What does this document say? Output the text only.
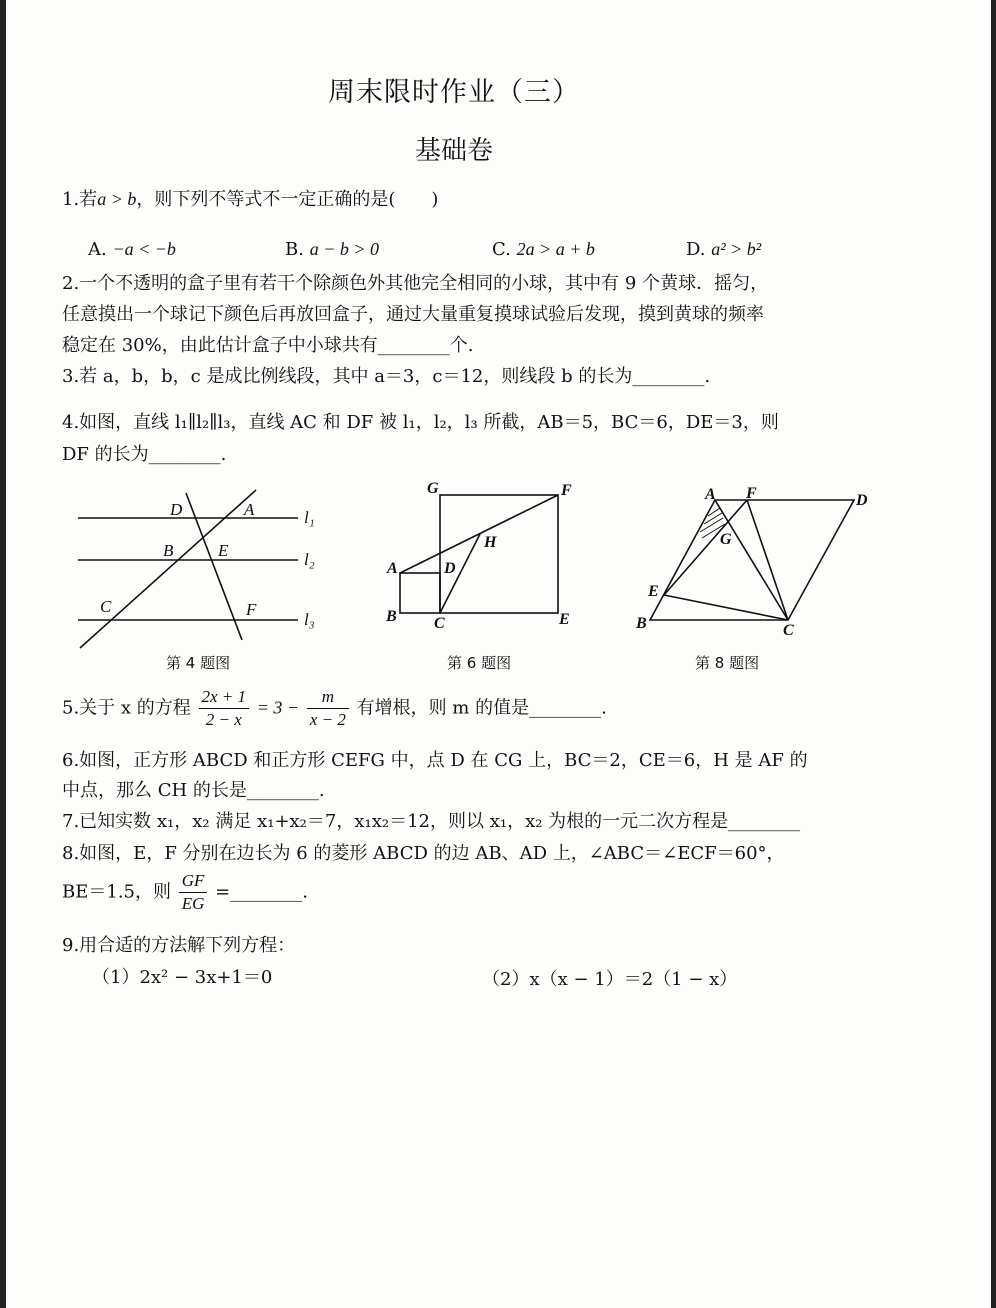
周末限时作业（三）
基础卷
1.若a > b，则下列不等式不一定正确的是(　　)
A. −a < −b	B. a − b > 0	C. 2a > a + b	D. a² > b²
2.一个不透明的盒子里有若干个除颜色外其他完全相同的小球，其中有 9 个黄球．摇匀，
任意摸出一个球记下颜色后再放回盒子，通过大量重复摸球试验后发现，摸到黄球的频率
稳定在 30%，由此估计盒子中小球共有________个.
3.若 a，b，b，c 是成比例线段，其中 a＝3，c＝12，则线段 b 的长为________.
4.如图，直线 l₁∥l₂∥l₃，直线 AC 和 DF 被 l₁，l₂，l₃ 所截，AB＝5，BC＝6，DE＝3，则
DF 的长为________.
D	A
B	E
C	F
l₁
l₂
l₃
第 4 题图
G	F
H
A	D
B C	E
第 6 题图
A F	D
G
E
B	C
第 8 题图
5.关于 x 的方程 $\frac{2x + 1}{2 - x} = 3 - \frac{m}{x - 2}$ 有增根，则 m 的值是________.
6.如图，正方形 ABCD 和正方形 CEFG 中，点 D 在 CG 上，BC＝2，CE＝6，H 是 AF 的
中点，那么 CH 的长是________.
7.已知实数 x₁，x₂ 满足 x₁+x₂＝7，x₁x₂＝12，则以 x₁，x₂ 为根的一元二次方程是________
8.如图，E，F 分别在边长为 6 的菱形 ABCD 的边 AB、AD 上，∠ABC＝∠ECF＝60°，
BE＝1.5，则 $\frac{GF}{EG}$ =________.
9.用合适的方法解下列方程：
（1）2x² − 3x+1＝0	（2）x（x − 1）＝2（1 − x）
